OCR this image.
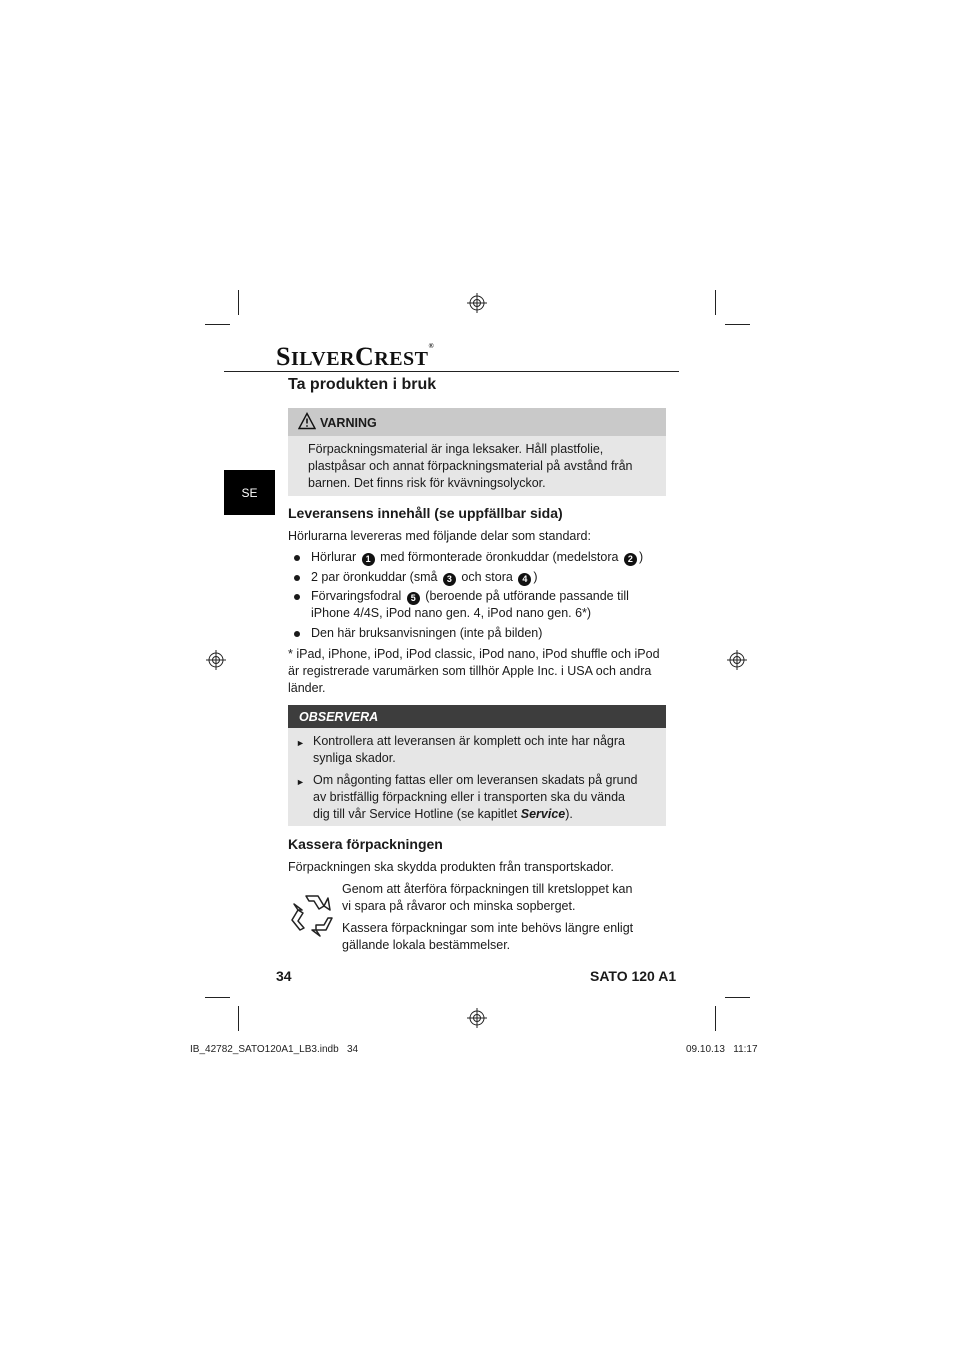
SILVERCREST®
Ta produkten i bruk
SE
VARNING
Förpackningsmaterial är inga leksaker. Håll plastfolie,
plastpåsar och annat förpackningsmaterial på avstånd från
barnen. Det finns risk för kvävningsolyckor.
Leveransens innehåll (se uppfällbar sida)
Hörlurarna levereras med följande delar som standard:
Hörlurar 1 med förmonterade öronkuddar (medelstora 2 )
2 par öronkuddar (små 3 och stora 4 )
Förvaringsfodral 5 (beroende på utförande passande till
iPhone 4/4S, iPod nano gen. 4, iPod nano gen. 6*)
Den här bruksanvisningen (inte på bilden)
* iPad, iPhone, iPod, iPod classic, iPod nano, iPod shuffle och iPod
är registrerade varumärken som tillhör Apple Inc. i USA och andra
länder.
OBSERVERA
► Kontrollera att leveransen är komplett och inte har några
synliga skador.
► Om någonting fattas eller om leveransen skadats på grund
av bristfällig förpackning eller i transporten ska du vända
dig till vår Service Hotline (se kapitlet Service).
Kassera förpackningen
Förpackningen ska skydda produkten från transportskador.
Genom att återföra förpackningen till kretsloppet kan
vi spara på råvaror och minska sopberget.
Kassera förpackningar som inte behövs längre enligt
gällande lokala bestämmelser.
34	SATO 120 A1
IB_42782_SATO120A1_LB3.indb   34	09.10.13   11:17
